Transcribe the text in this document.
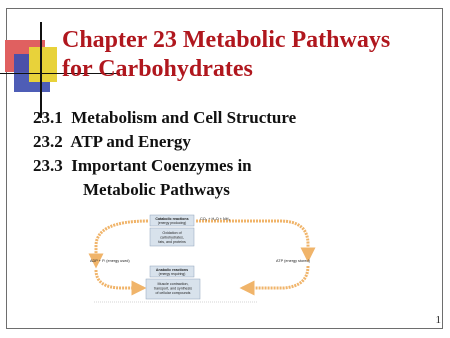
Chapter 23 Metabolic Pathways
for Carbohydrates
23.1 Metabolism and Cell Structure
23.2 ATP and Energy
23.3 Important Coenzymes in
Metabolic Pathways
Catabolic reactions
(energy producing)
CO₂ + H₂O + NH₄
Oxidation of
carbohydrates,
fats, and proteins
ADP + Pᵢ (energy used)	ATP (energy stored)
Anabolic reactions
(energy requiring)
Muscle contraction,
transport, and synthesis
of cellular compounds
1
